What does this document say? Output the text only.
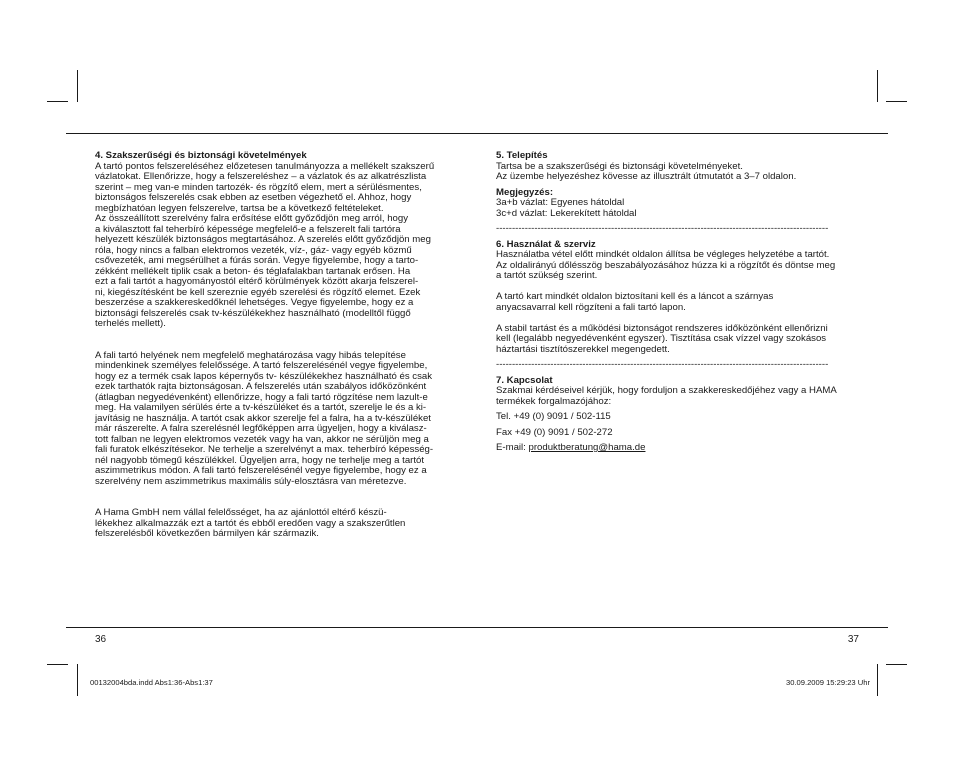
4. Szakszerűségi és biztonsági követelmények

A tartó pontos felszereléséhez előzetesen tanulmányozza a mellékelt szakszerű
vázlatokat. Ellenőrizze, hogy a felszereléshez – a vázlatok és az alkatrészlista
szerint – meg van-e minden tartozék- és rögzítő elem, mert a sérülésmentes,
biztonságos felszerelés csak ebben az esetben végezhető el. Ahhoz, hogy
megbízhatóan legyen felszerelve, tartsa be a következő feltételeket.
Az összeállított szerelvény falra erősítése előtt győződjön meg arról, hogy
a kiválasztott fal teherbíró képessége megfelelő-e a felszerelt fali tartóra
helyezett készülék biztonságos megtartásához. A szerelés előtt győződjön meg
róla, hogy nincs a falban elektromos vezeték, víz-, gáz- vagy egyéb közmű
csővezeték, ami megsérülhet a fúrás során. Vegye figyelembe, hogy a tarto-
zékként mellékelt tiplik csak a beton- és téglafalakban tartanak erősen. Ha
ezt a fali tartót a hagyományostól eltérő körülmények között akarja felszerel-
ni, kiegészítésként be kell szereznie egyéb szerelési és rögzítő elemet. Ezek
beszerzése a szakkereskedőknél lehetséges. Vegye figyelembe, hogy ez a
biztonsági felszerelés csak tv-készülékekhez használható (modelltől függő
terhelés mellett).

A fali tartó helyének nem megfelelő meghatározása vagy hibás telepítése
mindenkinek személyes felelőssége. A tartó felszerelésénél vegye figyelembe,
hogy ez a termék csak lapos képernyős tv- készülékekhez használható és csak
ezek tarthatók rajta biztonságosan. A felszerelés után szabályos időközönként
(átlagban negyedévenként) ellenőrizze, hogy a fali tartó rögzítése nem lazult-e
meg. Ha valamilyen sérülés érte a tv-készüléket és a tartót, szerelje le és a ki-
javításig ne használja. A tartót csak akkor szerelje fel a falra, ha a tv-készüléket
már rászerelte. A falra szerelésnél legfőképpen arra ügyeljen, hogy a kiválasz-
tott falban ne legyen elektromos vezeték vagy ha van, akkor ne sérüljön meg a
fali furatok elkészítésekor. Ne terhelje a szerelvényt a max. teherbíró képesség-
nél nagyobb tömegű készülékkel. Ügyeljen arra, hogy ne terhelje meg a tartót
aszimmetrikus módon. A fali tartó felszerelésénél vegye figyelembe, hogy ez a
szerelvény nem aszimmetrikus maximális súly-elosztásra van méretezve.

A Hama GmbH nem vállal felelősséget, ha az ajánlottól eltérő készü-
lékekhez alkalmazzák ezt a tartót és ebből eredően vagy a szakszerűtlen
felszerelésből következően bármilyen kár származik.

5. Telepítés

Tartsa be a szakszerűségi és biztonsági követelményeket.
Az üzembe helyezéshez kövesse az illusztrált útmutatót a 3–7 oldalon.

Megjegyzés:

3a+b vázlat: Egyenes hátoldal
3c+d vázlat: Lekerekített hátoldal

--------------------------------------------------------------------------------------------------------

6. Használat & szerviz

Használatba vétel előtt mindkét oldalon állítsa be végleges helyzetébe a tartót.
Az oldalirányú dőlésszög beszabályozásához húzza ki a rögzítőt és döntse meg
a tartót szükség szerint.

A tartó kart mindkét oldalon biztosítani kell és a láncot a szárnyas
anyacsavarral kell rögzíteni a fali tartó lapon.

A stabil tartást és a működési biztonságot rendszeres időközönként ellenőrizni
kell (legalább negyedévenként egyszer). Tisztítása csak vízzel vagy szokásos
háztartási tisztítószerekkel megengedett.

--------------------------------------------------------------------------------------------------------

7. Kapcsolat

Szakmai kérdéseivel kérjük, hogy forduljon a szakkereskedőjéhez vagy a HAMA
termékek forgalmazójához:

Tel. +49 (0) 9091 / 502-115

Fax +49 (0) 9091 / 502-272

E-mail: produktberatung@hama.de

36	37
00132004bda.indd Abs1:36-Abs1:37	30.09.2009 15:29:23 Uhr
